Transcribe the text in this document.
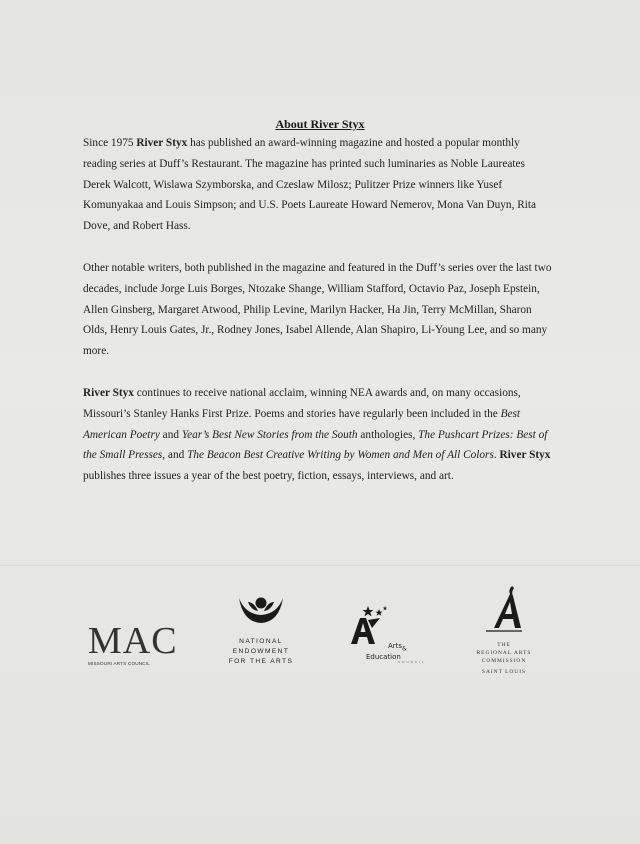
About River Styx

Since 1975 River Styx has published an award-winning magazine and hosted a popular monthly reading series at Duff’s Restaurant. The magazine has printed such luminaries as Noble Laureates Derek Walcott, Wislawa Szymborska, and Czeslaw Milosz; Pulitzer Prize winners like Yusef Komunyakaa and Louis Simpson; and U.S. Poets Laureate Howard Nemerov, Mona Van Duyn, Rita Dove, and Robert Hass.

Other notable writers, both published in the magazine and featured in the Duff’s series over the last two decades, include Jorge Luis Borges, Ntozake Shange, William Stafford, Octavio Paz, Joseph Epstein, Allen Ginsberg, Margaret Atwood, Philip Levine, Marilyn Hacker, Ha Jin, Terry McMillan, Sharon Olds, Henry Louis Gates, Jr., Rodney Jones, Isabel Allende, Alan Shapiro, Li-Young Lee, and so many more.

River Styx continues to receive national acclaim, winning NEA awards and, on many occasions, Missouri’s Stanley Hanks First Prize. Poems and stories have regularly been included in the Best American Poetry and Year’s Best New Stories from the South anthologies, The Pushcart Prizes: Best of the Small Presses, and The Beacon Best Creative Writing by Women and Men of All Colors. River Styx publishes three issues a year of the best poetry, fiction, essays, interviews, and art.

MAC
MISSOURI ARTS COUNCIL
NATIONAL
ENDOWMENT
FOR THE ARTS
Arts&
Education
COUNCIL
THE
REGIONAL ARTS
COMMISSION
SAINT LOUIS
